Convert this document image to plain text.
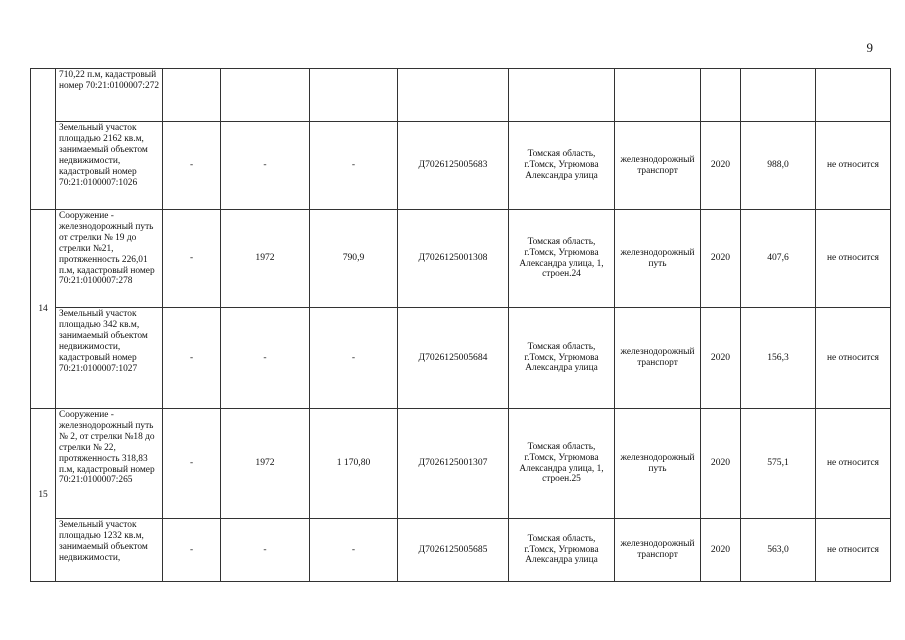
9
	710,22 п.м, кадастровый номер 70:21:0100007:272									
	Земельный участок площадью 2162 кв.м, занимаемый объектом недвижимости, кадастровый номер 70:21:0100007:1026	-	-	-	Д7026125005683	Томская область, г.Томск, Угрюмова Александра улица	железнодорожный транспорт	2020	988,0	не относится
14	Сооружение - железнодорожный путь от стрелки № 19 до стрелки №21, протяженность 226,01 п.м, кадастровый номер 70:21:0100007:278	-	1972	790,9	Д7026125001308	Томская область, г.Томск, Угрюмова Александра улица, 1, строен.24	железнодорожный путь	2020	407,6	не относится
	Земельный участок площадью 342 кв.м, занимаемый объектом недвижимости, кадастровый номер 70:21:0100007:1027	-	-	-	Д7026125005684	Томская область, г.Томск, Угрюмова Александра улица	железнодорожный транспорт	2020	156,3	не относится
15	Сооружение - железнодорожный путь № 2, от стрелки №18 до стрелки № 22, протяженность 318,83 п.м, кадастровый номер 70:21:0100007:265	-	1972	1 170,80	Д7026125001307	Томская область, г.Томск, Угрюмова Александра улица, 1, строен.25	железнодорожный путь	2020	575,1	не относится
	Земельный участок площадью 1232 кв.м, занимаемый объектом недвижимости,	-	-	-	Д7026125005685	Томская область, г.Томск, Угрюмова Александра улица	железнодорожный транспорт	2020	563,0	не относится
